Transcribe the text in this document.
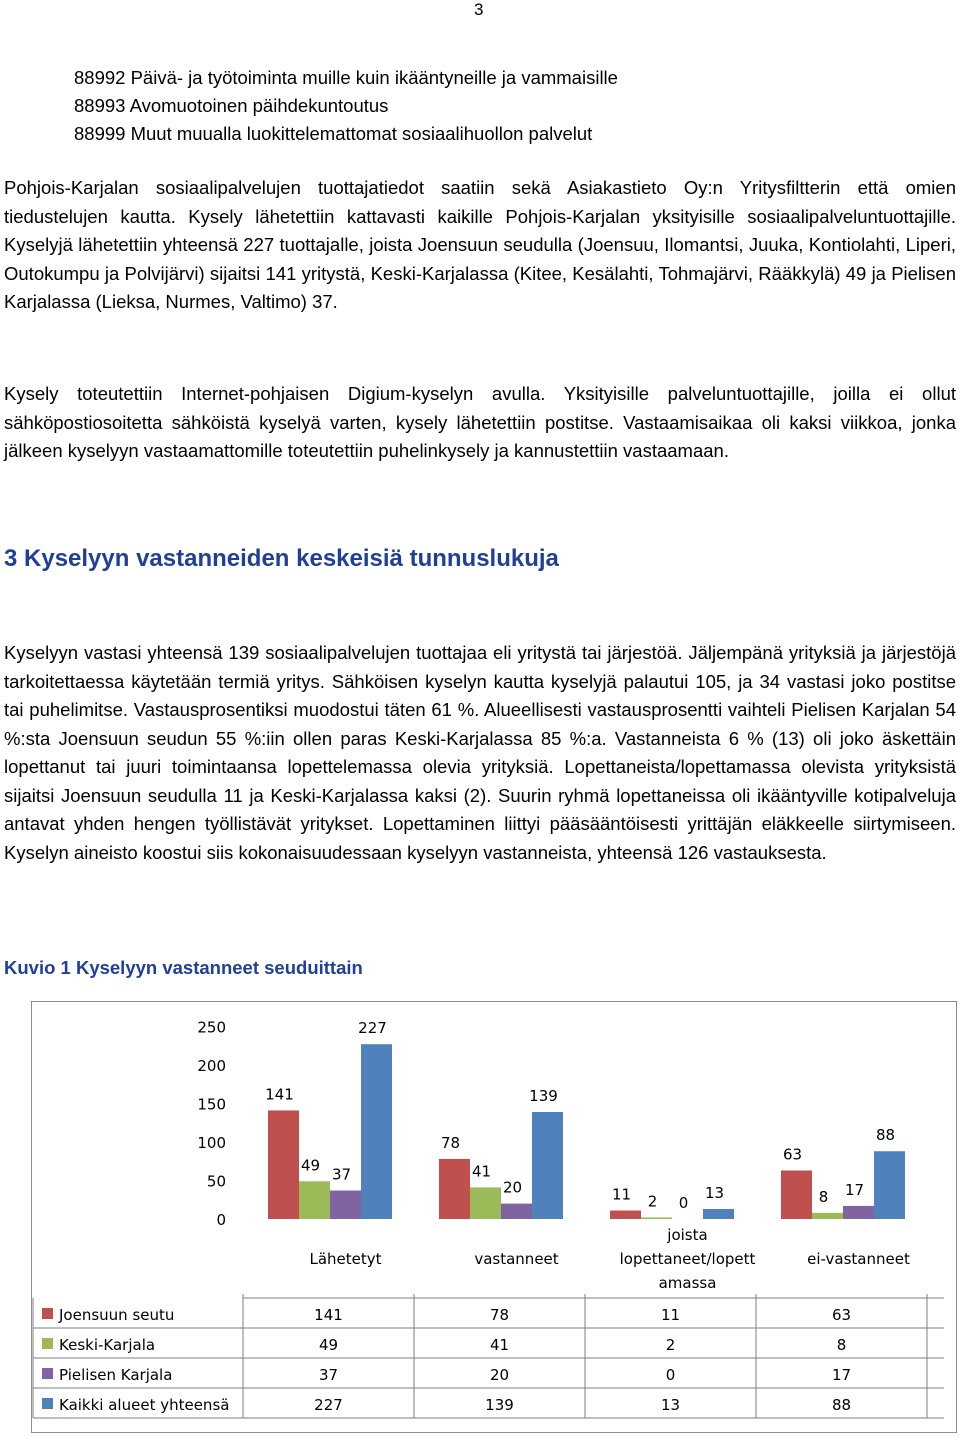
3
88992 Päivä- ja työtoiminta muille kuin ikääntyneille ja vammaisille
88993 Avomuotoinen päihdekuntoutus
88999 Muut muualla luokittelemattomat sosiaalihuollon palvelut

Pohjois-Karjalan sosiaalipalvelujen tuottajatiedot saatiin sekä Asiakastieto Oy:n Yritysfiltterin että omien tiedustelujen kautta. Kysely lähetettiin kattavasti kaikille Pohjois-Karjalan yksityisille sosiaalipalveluntuottajille. Kyselyjä lähetettiin yhteensä 227 tuottajalle, joista Joensuun seudulla (Joensuu, Ilomantsi, Juuka, Kontiolahti, Liperi, Outokumpu ja Polvijärvi) sijaitsi 141 yritystä, Keski-Karjalassa (Kitee, Kesälahti, Tohmajärvi, Rääkkylä) 49 ja Pielisen Karjalassa (Lieksa, Nurmes, Valtimo) 37.

Kysely toteutettiin Internet-pohjaisen Digium-kyselyn avulla. Yksityisille palveluntuottajille, joilla ei ollut sähköpostiosoitetta sähköistä kyselyä varten, kysely lähetettiin postitse. Vastaamisaikaa oli kaksi viikkoa, jonka jälkeen kyselyyn vastaamattomille toteutettiin puhelinkysely ja kannustettiin vastaamaan.

3 Kyselyyn vastanneiden keskeisiä tunnuslukuja

Kyselyyn vastasi yhteensä 139 sosiaalipalvelujen tuottajaa eli yritystä tai järjestöä. Jäljempänä yrityksiä ja järjestöjä tarkoitettaessa käytetään termiä yritys. Sähköisen kyselyn kautta kyselyjä palautui 105, ja 34 vastasi joko postitse tai puhelimitse. Vastausprosentiksi muodostui täten 61 %. Alueellisesti vastausprosentti vaihteli Pielisen Karjalan 54 %:sta Joensuun seudun 55 %:iin ollen paras Keski-Karjalassa 85 %:a. Vastanneista 6 % (13) oli joko äskettäin lopettanut tai juuri toimintaansa lopettelemassa olevia yrityksiä. Lopettaneista/lopettamassa olevista yrityksistä sijaitsi Joensuun seudulla 11 ja Keski-Karjalassa kaksi (2). Suurin ryhmä lopettaneissa oli ikääntyville kotipalveluja antavat yhden hengen työllistävät yritykset. Lopettaminen liittyi pääsääntöisesti yrittäjän eläkkeelle siirtymiseen. Kyselyn aineisto koostui siis kokonaisuudessaan kyselyyn vastanneista, yhteensä 126 vastauksesta.

Kuvio 1 Kyselyyn vastanneet seuduittain
0
50
100
150
200
250
141
78
11
63
49	41
2	8
37
20
0
17
227
139
13
88
Lähetetyt	vastanneet
joista
lopettaneet/lopett
amassa
ei-vastanneet
Joensuun seutu	141	78	11	63
Keski-Karjala	49	41	2	8
Pielisen Karjala	37	20	0	17
Kaikki alueet yhteensä	227	139	13	88
